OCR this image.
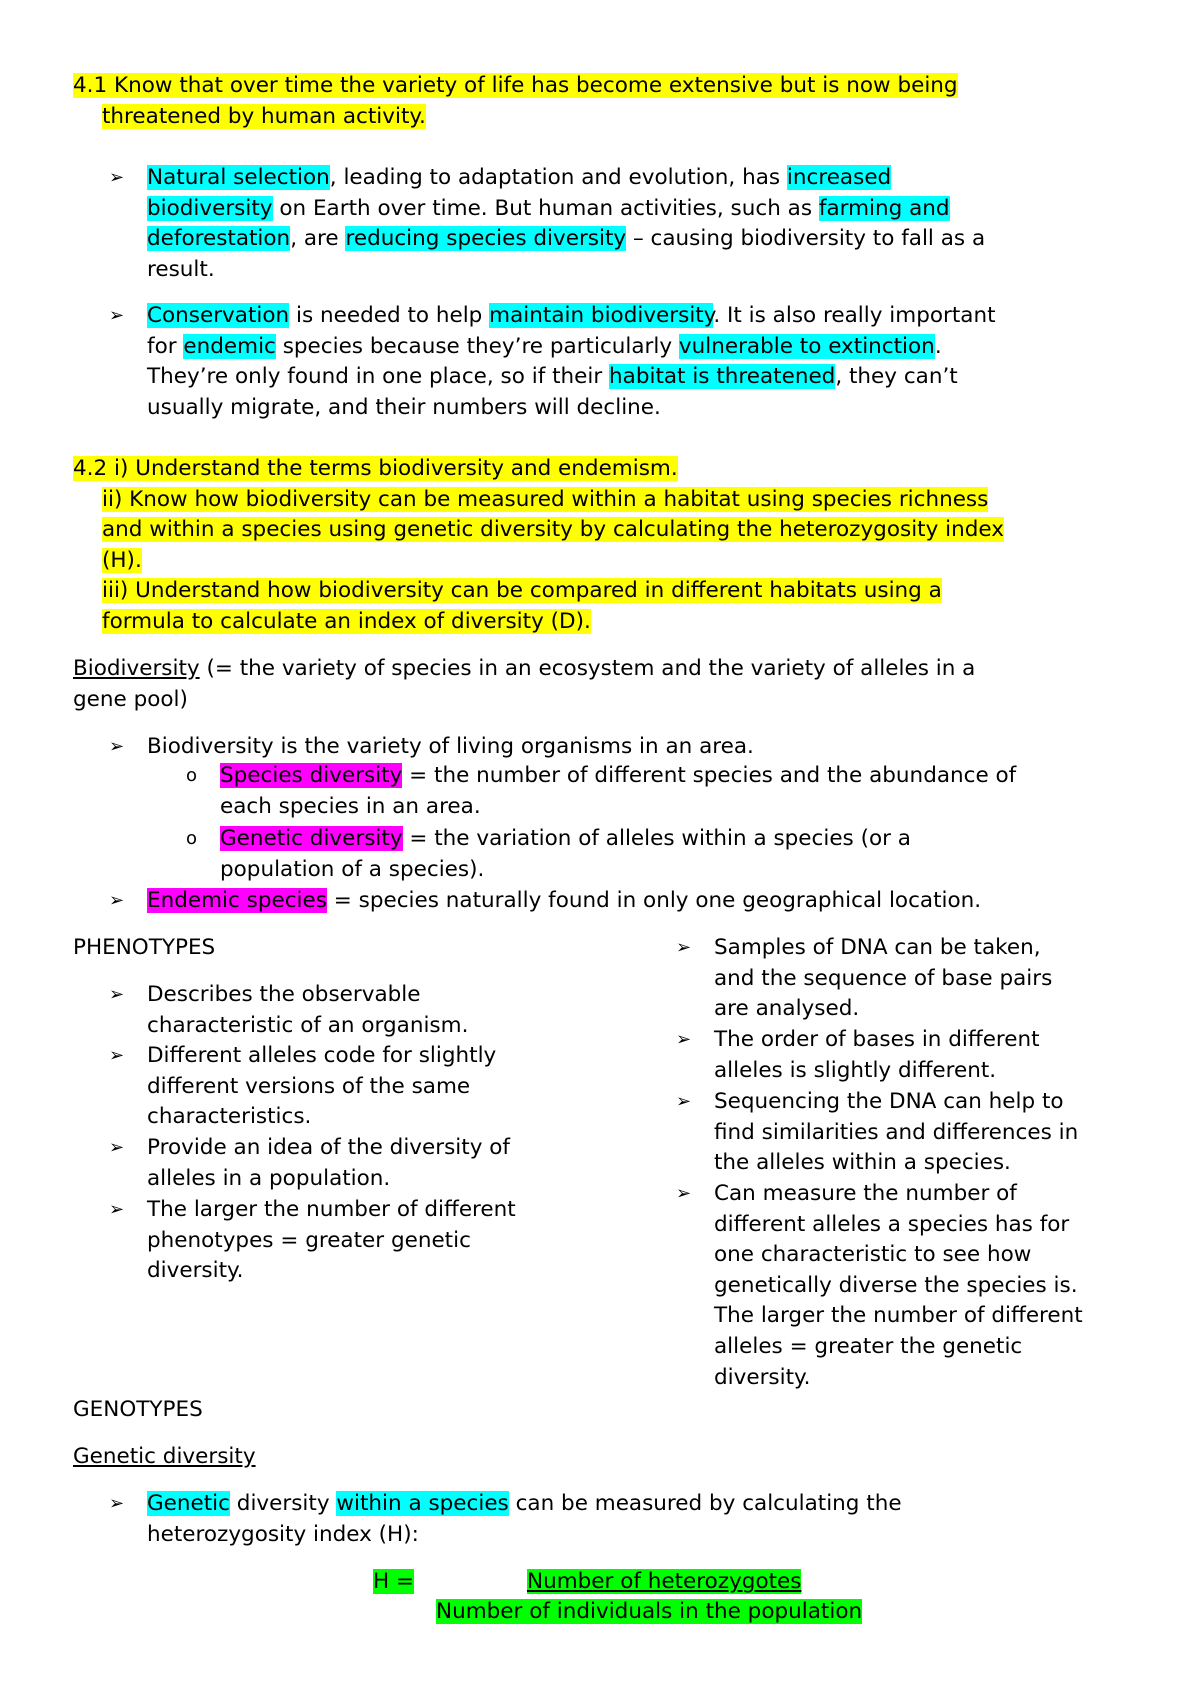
4.1 Know that over time the variety of life has become extensive but is now being
threatened by human activity.
➢ Natural selection, leading to adaptation and evolution, has increased
biodiversity on Earth over time. But human activities, such as farming and
deforestation, are reducing species diversity – causing biodiversity to fall as a
result.
➢ Conservation is needed to help maintain biodiversity. It is also really important
for endemic species because they’re particularly vulnerable to extinction.
They’re only found in one place, so if their habitat is threatened, they can’t
usually migrate, and their numbers will decline.
4.2 i) Understand the terms biodiversity and endemism.
ii) Know how biodiversity can be measured within a habitat using species richness
and within a species using genetic diversity by calculating the heterozygosity index
(H).
iii) Understand how biodiversity can be compared in different habitats using a
formula to calculate an index of diversity (D).
Biodiversity (= the variety of species in an ecosystem and the variety of alleles in a
gene pool)
➢ Biodiversity is the variety of living organisms in an area.
o Species diversity = the number of different species and the abundance of
each species in an area.
o Genetic diversity = the variation of alleles within a species (or a
population of a species).
➢ Endemic species = species naturally found in only one geographical location.
PHENOTYPES
➢ Describes the observable
characteristic of an organism.
➢ Different alleles code for slightly
different versions of the same
characteristics.
➢ Provide an idea of the diversity of
alleles in a population.
➢ The larger the number of different
phenotypes = greater genetic
diversity.
➢ Samples of DNA can be taken,
and the sequence of base pairs
are analysed.
➢ The order of bases in different
alleles is slightly different.
➢ Sequencing the DNA can help to
find similarities and differences in
the alleles within a species.
➢ Can measure the number of
different alleles a species has for
one characteristic to see how
genetically diverse the species is.
The larger the number of different
alleles = greater the genetic
diversity.
GENOTYPES
Genetic diversity
➢ Genetic diversity within a species can be measured by calculating the
heterozygosity index (H):
H =	Number of heterozygotes
Number of individuals in the population
